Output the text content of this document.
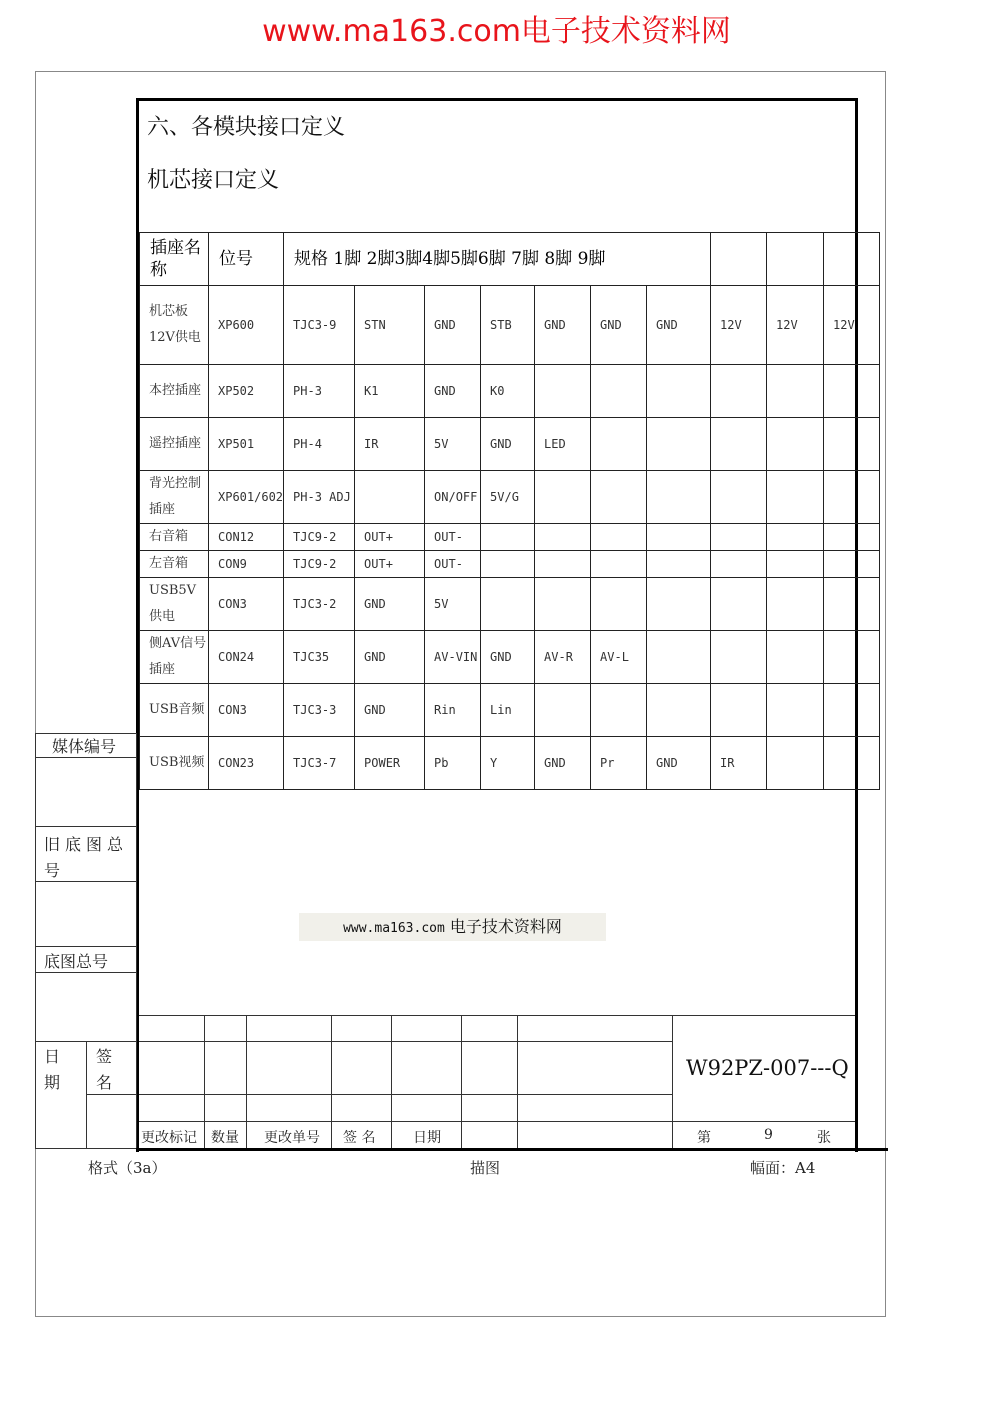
www.ma163.com电子技术资料网
六、各模块接口定义
机芯接口定义
插座名称	位号	规格 1脚 2脚3脚4脚5脚6脚 7脚 8脚 9脚									
机芯板12V供电	XP600	TJC3-9	STN	GND	STB	GND	GND	GND	12V	12V	12V
本控插座	XP502	PH-3	K1	GND	K0						
遥控插座	XP501	PH-4	IR	5V	GND	LED					
背光控制插座	XP601/602	PH-3 ADJ		ON/OFF	5V/G						
右音箱	CON12	TJC9-2	OUT+	OUT-							
左音箱	CON9	TJC9-2	OUT+	OUT-							
USB5V供电	CON3	TJC3-2	GND	5V							
侧AV信号插座	CON24	TJC35	GND	AV-VIN	GND	AV-R	AV-L				
USB音频	CON3	TJC3-3	GND	Rin	Lin						
USB视频	CON23	TJC3-7	POWER	Pb	Y	GND	Pr	GND	IR		
www.ma163.com 电子技术资料网
媒体编号
旧底图总号
底图总号
日期
签名
W92PZ-007---Q
更改标记 数量 更改单号 签 名	日期	第	9	张
格式（3a）	描图	幅面：A4
